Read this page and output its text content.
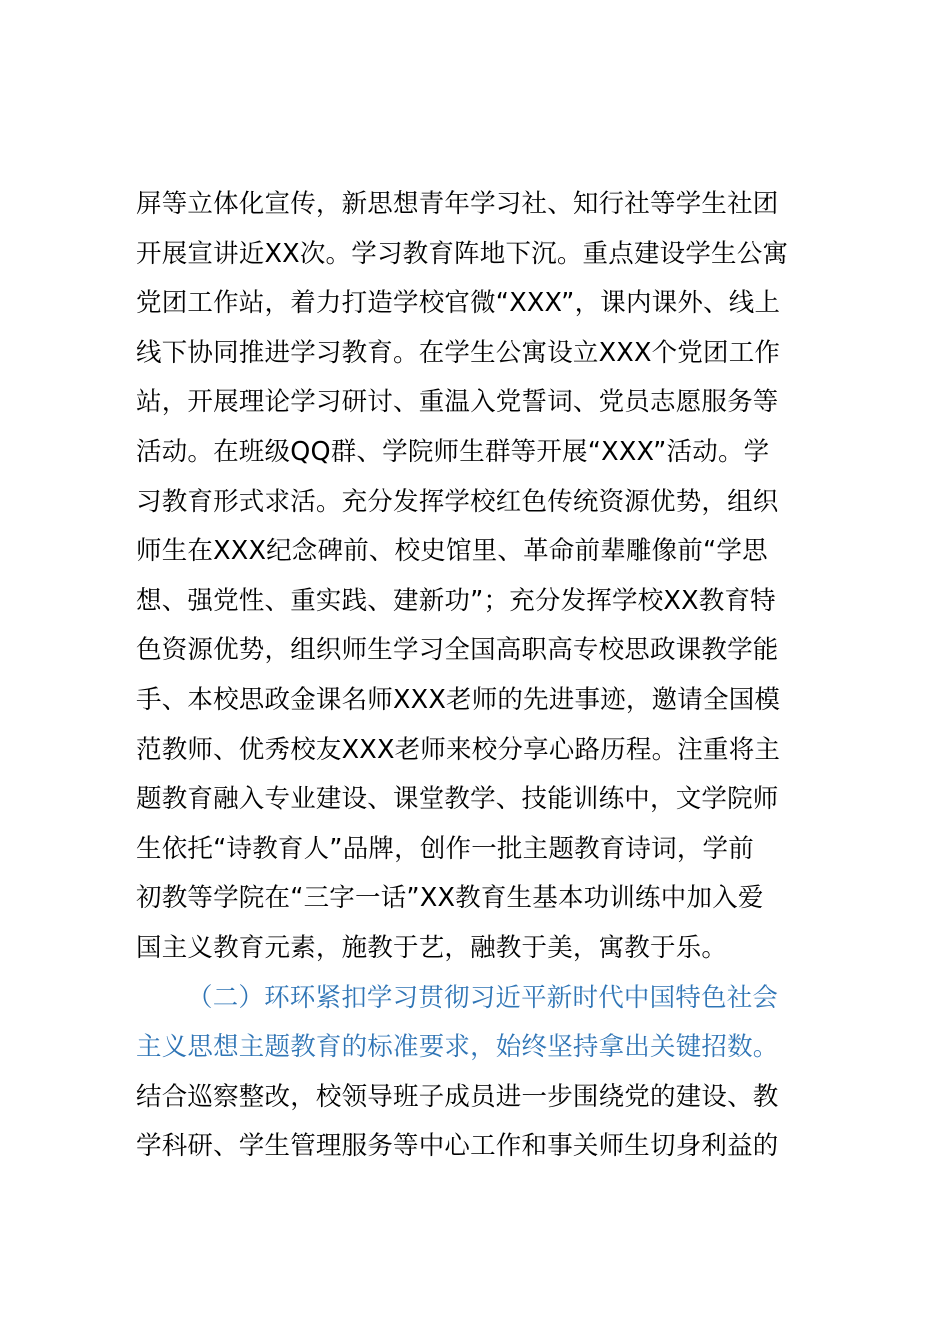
屏等立体化宣传，新思想青年学习社、知行社等学生社团
开展宣讲近XX次。学习教育阵地下沉。重点建设学生公寓
党团工作站，着力打造学校官微“XXX”，课内课外、线上
线下协同推进学习教育。在学生公寓设立XXX个党团工作
站，开展理论学习研讨、重温入党誓词、党员志愿服务等
活动。在班级QQ群、学院师生群等开展“XXX”活动。学
习教育形式求活。充分发挥学校红色传统资源优势，组织
师生在XXX纪念碑前、校史馆里、革命前辈雕像前“学思
想、强党性、重实践、建新功”；充分发挥学校XX教育特
色资源优势，组织师生学习全国高职高专校思政课教学能
手、本校思政金课名师XXX老师的先进事迹，邀请全国模
范教师、优秀校友XXX老师来校分享心路历程。注重将主
题教育融入专业建设、课堂教学、技能训练中，文学院师
生依托“诗教育人”品牌，创作一批主题教育诗词，学前
初教等学院在“三字一话”XX教育生基本功训练中加入爱
国主义教育元素，施教于艺，融教于美，寓教于乐。
（二）环环紧扣学习贯彻习近平新时代中国特色社会
主义思想主题教育的标准要求，始终坚持拿出关键招数。
结合巡察整改，校领导班子成员进一步围绕党的建设、教
学科研、学生管理服务等中心工作和事关师生切身利益的
